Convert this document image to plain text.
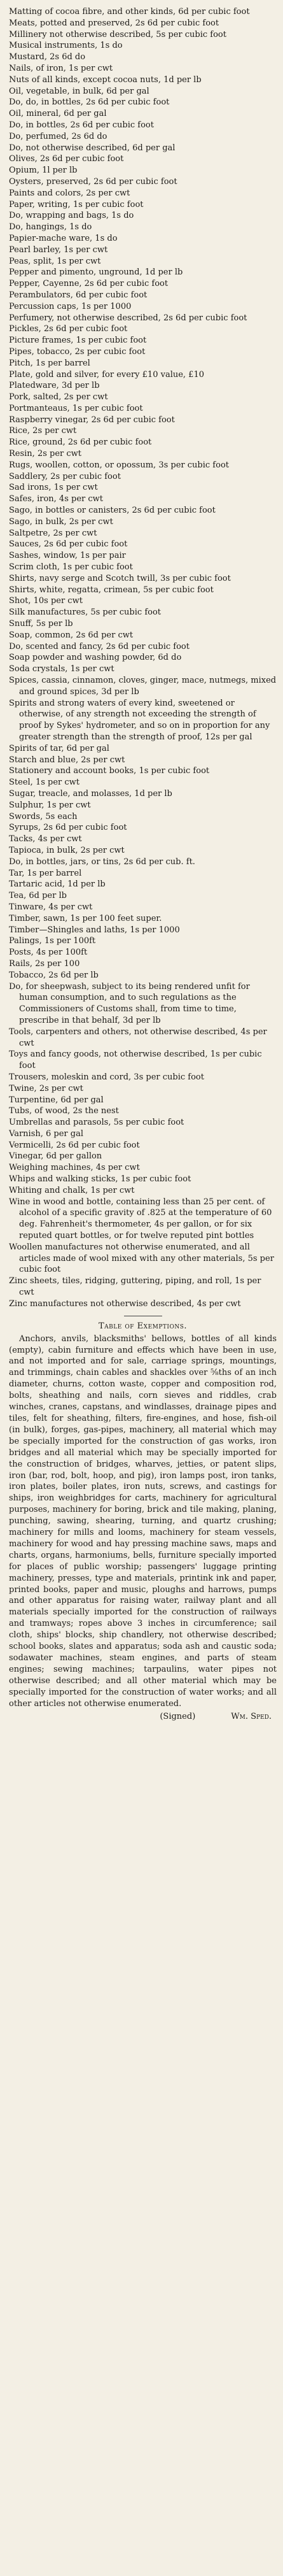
Matting of cocoa fibre, and other kinds, 6d per cubic foot

Meats, potted and preserved, 2s 6d per cubic foot

Millinery not otherwise described, 5s per cubic foot

Musical instruments, 1s do

Mustard, 2s 6d do

Nails, of iron, 1s per cwt

Nuts of all kinds, except cocoa nuts, 1d per lb

Oil, vegetable, in bulk, 6d per gal

Do, do, in bottles, 2s 6d per cubic foot

Oil, mineral, 6d per gal

Do, in bottles, 2s 6d per cubic foot

Do, perfumed, 2s 6d do

Do, not otherwise described, 6d per gal

Olives, 2s 6d per cubic foot

Opium, 1l per lb

Oysters, preserved, 2s 6d per cubic foot

Paints and colors, 2s per cwt

Paper, writing, 1s per cubic foot

Do, wrapping and bags, 1s do

Do, hangings, 1s do

Papier-mache ware, 1s do

Pearl barley, 1s per cwt

Peas, split, 1s per cwt

Pepper and pimento, unground, 1d per lb

Pepper, Cayenne, 2s 6d per cubic foot

Perambulators, 6d per cubic foot

Percussion caps, 1s per 1000

Perfumery, not otherwise described, 2s 6d per cubic foot

Pickles, 2s 6d per cubic foot

Picture frames, 1s per cubic foot

Pipes, tobacco, 2s per cubic foot

Pitch, 1s per barrel

Plate, gold and silver, for every £10 value, £10

Platedware, 3d per lb

Pork, salted, 2s per cwt

Portmanteaus, 1s per cubic foot

Raspberry vinegar, 2s 6d per cubic foot

Rice, 2s per cwt

Rice, ground, 2s 6d per cubic foot

Resin, 2s per cwt

Rugs, woollen, cotton, or opossum, 3s per cubic foot

Saddlery, 2s per cubic foot

Sad irons, 1s per cwt

Safes, iron, 4s per cwt

Sago, in bottles or canisters, 2s 6d per cubic foot

Sago, in bulk, 2s per cwt

Saltpetre, 2s per cwt

Sauces, 2s 6d per cubic foot

Sashes, window, 1s per pair

Scrim cloth, 1s per cubic foot

Shirts, navy serge and Scotch twill, 3s per cubic foot

Shirts, white, regatta, crimean, 5s per cubic foot

Shot, 10s per cwt

Silk manufactures, 5s per cubic foot

Snuff, 5s per lb

Soap, common, 2s 6d per cwt

Do, scented and fancy, 2s 6d per cubic foot

Soap powder and washing powder, 6d do

Soda crystals, 1s per cwt

Spices, cassia, cinnamon, cloves, ginger, mace, nutmegs, mixed and ground spices, 3d per lb

Spirits and strong waters of every kind, sweetened or otherwise, of any strength not exceeding the strength of proof by Sykes' hydrometer, and so on in proportion for any greater strength than the strength of proof, 12s per gal

Spirits of tar, 6d per gal

Starch and blue, 2s per cwt

Stationery and account books, 1s per cubic foot

Steel, 1s per cwt

Sugar, treacle, and molasses, 1d per lb

Sulphur, 1s per cwt

Swords, 5s each

Syrups, 2s 6d per cubic foot

Tacks, 4s per cwt

Tapioca, in bulk, 2s per cwt

Do, in bottles, jars, or tins, 2s 6d per cub. ft.

Tar, 1s per barrel

Tartaric acid, 1d per lb

Tea, 6d per lb

Tinware, 4s per cwt

Timber, sawn, 1s per 100 feet super.

Timber—Shingles and laths, 1s per 1000

Palings, 1s per 100ft

Posts, 4s per 100ft

Rails, 2s per 100

Tobacco, 2s 6d per lb

Do, for sheepwash, subject to its being rendered unfit for human consumption, and to such regulations as the Commissioners of Customs shall, from time to time, prescribe in that behalf, 3d per lb

Tools, carpenters and others, not otherwise described, 4s per cwt

Toys and fancy goods, not otherwise described, 1s per cubic foot

Trousers, moleskin and cord, 3s per cubic foot

Twine, 2s per cwt

Turpentine, 6d per gal

Tubs, of wood, 2s the nest

Umbrellas and parasols, 5s per cubic foot

Varnish, 6 per gal

Vermicelli, 2s 6d per cubic foot

Vinegar, 6d per gallon

Weighing machines, 4s per cwt

Whips and walking sticks, 1s per cubic foot

Whiting and chalk, 1s per cwt

Wine in wood and bottle, containing less than 25 per cent. of alcohol of a specific gravity of .825 at the temperature of 60 deg. Fahrenheit's thermometer, 4s per gallon, or for six reputed quart bottles, or for twelve reputed pint bottles

Woollen manufactures not otherwise enumerated, and all articles made of wool mixed with any other materials, 5s per cubic foot

Zinc sheets, tiles, ridging, guttering, piping, and roll, 1s per cwt

Zinc manufactures not otherwise described, 4s per cwt

Table of Exemptions.

Anchors, anvils, blacksmiths' bellows, bottles of all kinds (empty), cabin furniture and effects which have been in use, and not imported and for sale, carriage springs, mountings, and trimmings, chain cables and shackles over ⅝ths of an inch diameter, churns, cotton waste, copper and composition rod, bolts, sheathing and nails, corn sieves and riddles, crab winches, cranes, capstans, and windlasses, drainage pipes and tiles, felt for sheathing, filters, fire-engines, and hose, fish-oil (in bulk), forges, gas-pipes, machinery, all material which may be specially imported for the construction of gas works, iron bridges and all material which may be specially imported for the construction of bridges, wharves, jetties, or patent slips, iron (bar, rod, bolt, hoop, and pig), iron lamps post, iron tanks, iron plates, boiler plates, iron nuts, screws, and castings for ships, iron weighbridges for carts, machinery for agricultural purposes, machinery for boring, brick and tile making, planing, punching, sawing, shearing, turning, and quartz crushing; machinery for mills and looms, machinery for steam vessels, machinery for wood and hay pressing machine saws, maps and charts, organs, harmoniums, bells, furniture specially imported for places of public worship; passengers' luggage printing machinery, presses, type and materials, printink ink and paper, printed books, paper and music, ploughs and harrows, pumps and other apparatus for raising water, railway plant and all materials specially imported for the construction of railways and tramways; ropes above 3 inches in circumference; sail cloth, ships' blocks, ship chandlery, not otherwise described; school books, slates and apparatus; soda ash and caustic soda; sodawater machines, steam engines, and parts of steam engines; sewing machines; tarpaulins, water pipes not otherwise described; and all other material which may be specially imported for the construction of water works; and all other articles not otherwise enumerated.

(Signed)	Wm. Sped.
